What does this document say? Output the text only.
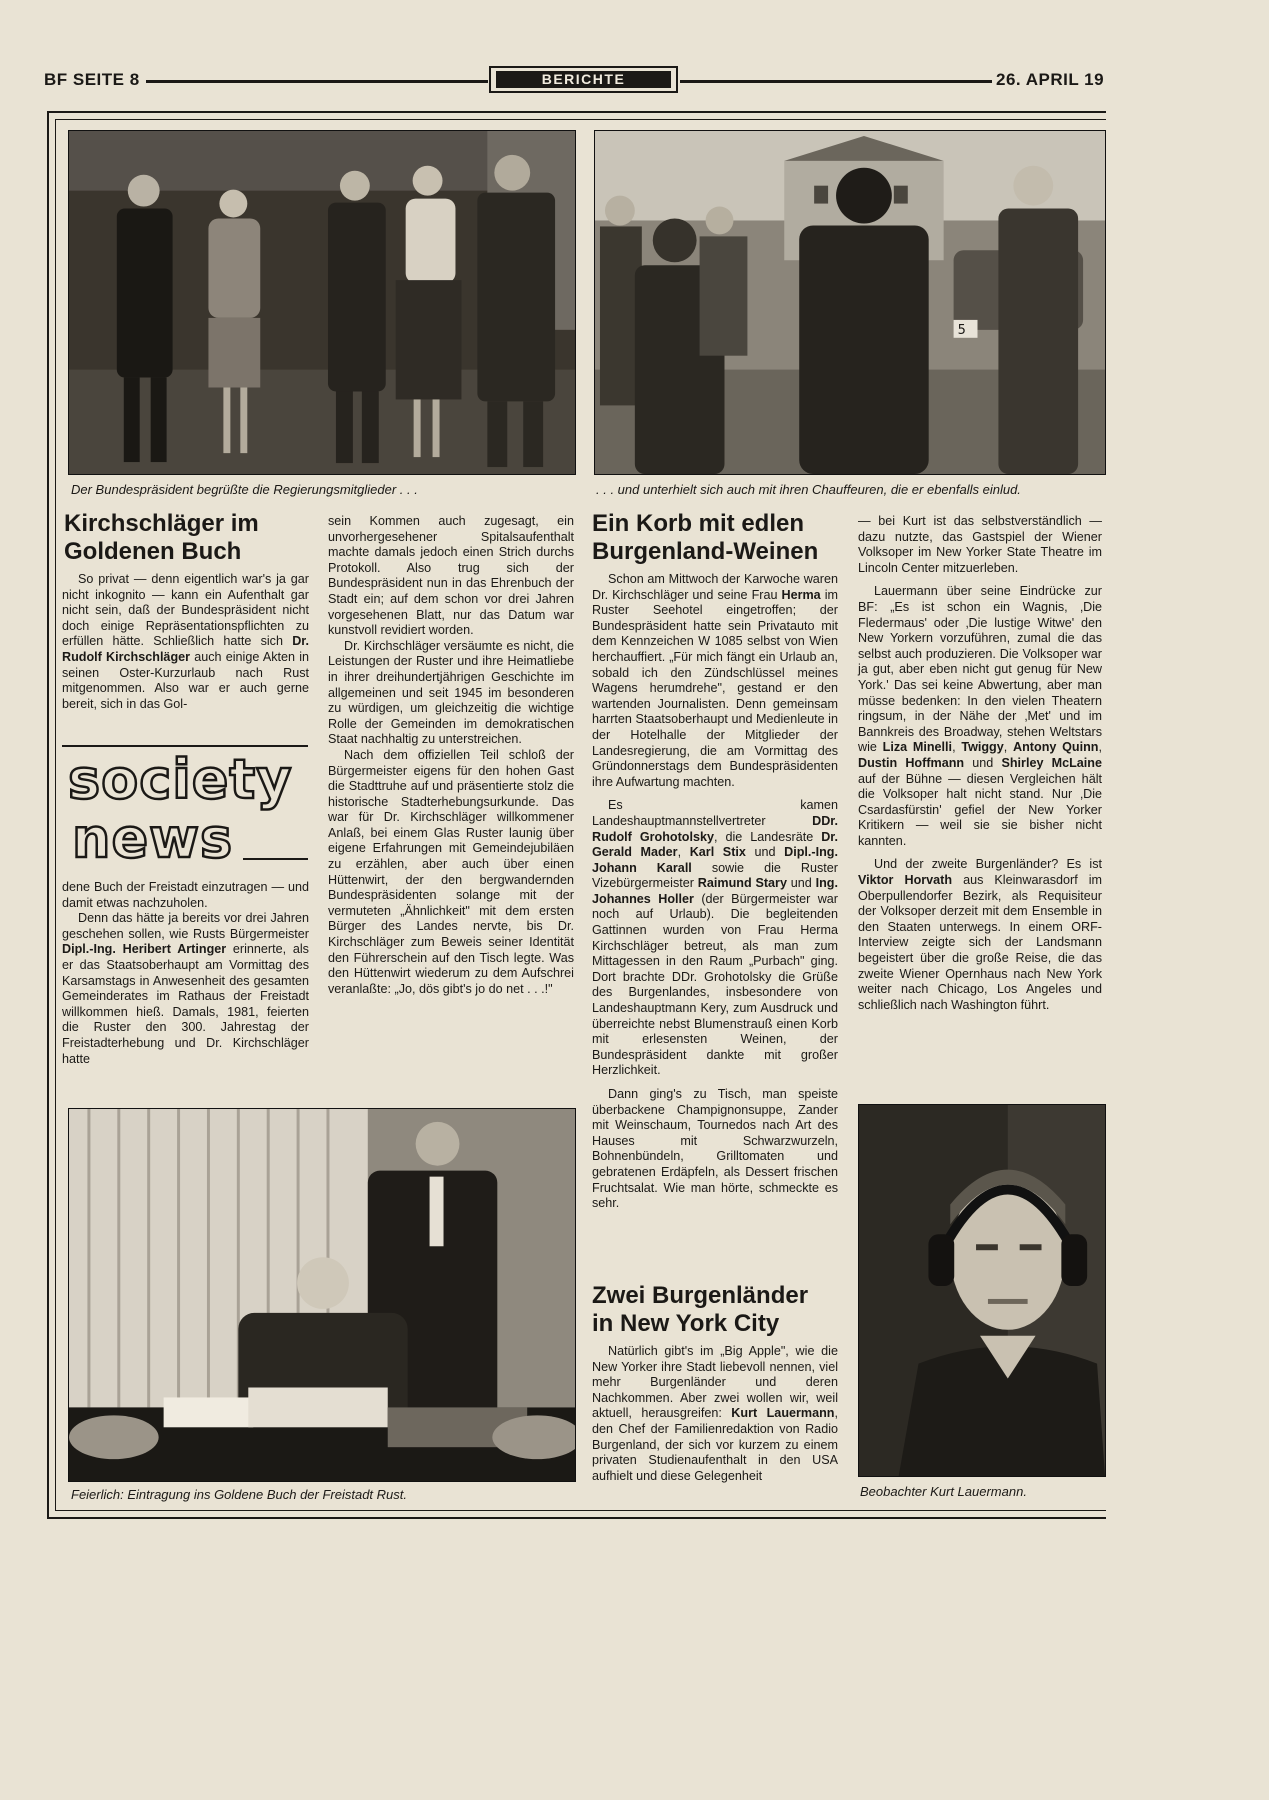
BF SEITE 8	BERICHTE	26. APRIL 19
Der Bundespräsident begrüßte die Regierungsmitglieder . . .
5
. . . und unterhielt sich auch mit ihren Chauffeuren, die er ebenfalls einlud.
Kirchschläger im
Goldenen Buch

So privat — denn eigentlich war's ja gar nicht inkognito — kann ein Aufenthalt gar nicht sein, daß der Bundespräsident nicht doch einige Repräsentationspflichten zu erfüllen hätte. Schließlich hatte sich Dr. Rudolf Kirchschläger auch einige Akten in seinen Oster-Kurzurlaub nach Rust mitgenommen. Also war er auch gerne bereit, sich in das Gol-

society
news

dene Buch der Freistadt einzutragen — und damit etwas nachzuholen.

Denn das hätte ja bereits vor drei Jahren geschehen sollen, wie Rusts Bürgermeister Dipl.-Ing. Heribert Artinger erinnerte, als er das Staatsoberhaupt am Vormittag des Karsamstags in Anwesenheit des gesamten Gemeinderates im Rathaus der Freistadt willkommen hieß. Damals, 1981, feierten die Ruster den 300. Jahrestag der Freistadterhebung und Dr. Kirchschläger hatte

sein Kommen auch zugesagt, ein unvorhergesehener Spitalsaufenthalt machte damals jedoch einen Strich durchs Protokoll. Also trug sich der Bundespräsident nun in das Ehrenbuch der Stadt ein; auf dem schon vor drei Jahren vorgesehenen Blatt, nur das Datum war kunstvoll revidiert worden.

Dr. Kirchschläger versäumte es nicht, die Leistungen der Ruster und ihre Heimatliebe in ihrer dreihundertjährigen Geschichte im allgemeinen und seit 1945 im besonderen zu würdigen, um gleichzeitig die wichtige Rolle der Gemeinden im demokratischen Staat nachhaltig zu unterstreichen.

Nach dem offiziellen Teil schloß der Bürgermeister eigens für den hohen Gast die Stadttruhe auf und präsentierte stolz die historische Stadterhebungsurkunde. Das war für Dr. Kirchschläger willkommener Anlaß, bei einem Glas Ruster launig über eigene Erfahrungen mit Gemeindejubiläen zu erzählen, aber auch über einen Hüttenwirt, der den bergwandernden Bundespräsidenten solange mit der vermuteten „Ähnlichkeit" mit dem ersten Bürger des Landes nervte, bis Dr. Kirchschläger zum Beweis seiner Identität den Führerschein auf den Tisch legte. Was den Hüttenwirt wiederum zu dem Aufschrei veranlaßte: „Jo, dös gibt's jo do net . . .!"

Ein Korb mit edlen
Burgenland-Weinen

Schon am Mittwoch der Karwoche waren Dr. Kirchschläger und seine Frau Herma im Ruster Seehotel eingetroffen; der Bundespräsident hatte sein Privatauto mit dem Kennzeichen W 1085 selbst von Wien herchauffiert. „Für mich fängt ein Urlaub an, sobald ich den Zündschlüssel meines Wagens herumdrehe", gestand er den wartenden Journalisten. Denn gemeinsam harrten Staatsoberhaupt und Medienleute in der Hotelhalle der Mitglieder der Landesregierung, die am Vormittag des Gründonnerstags dem Bundespräsidenten ihre Aufwartung machten.

Es kamen Landeshauptmannstellvertreter DDr. Rudolf Grohotolsky, die Landesräte Dr. Gerald Mader, Karl Stix und Dipl.-Ing. Johann Karall sowie die Ruster Vizebürgermeister Raimund Stary und Ing. Johannes Holler (der Bürgermeister war noch auf Urlaub). Die begleitenden Gattinnen wurden von Frau Herma Kirchschläger betreut, als man zum Mittagessen in den Raum „Purbach" ging. Dort brachte DDr. Grohotolsky die Grüße des Burgenlandes, insbesondere von Landeshauptmann Kery, zum Ausdruck und überreichte nebst Blumenstrauß einen Korb mit erlesensten Weinen, der Bundespräsident dankte mit großer Herzlichkeit.

Dann ging's zu Tisch, man speiste überbackene Champignonsuppe, Zander mit Weinschaum, Tournedos nach Art des Hauses mit Schwarzwurzeln, Bohnenbündeln, Grilltomaten und gebratenen Erdäpfeln, als Dessert frischen Fruchtsalat. Wie man hörte, schmeckte es sehr.

— bei Kurt ist das selbstverständlich — dazu nutzte, das Gastspiel der Wiener Volksoper im New Yorker State Theatre im Lincoln Center mitzuerleben.

Lauermann über seine Eindrücke zur BF: „Es ist schon ein Wagnis, ‚Die Fledermaus' oder ‚Die lustige Witwe' den New Yorkern vorzuführen, zumal die das selbst auch produzieren. Die Volksoper war ja gut, aber eben nicht gut genug für New York.' Das sei keine Abwertung, aber man müsse bedenken: In den vielen Theatern ringsum, in der Nähe der ‚Met' und im Bannkreis des Broadway, stehen Weltstars wie Liza Minelli, Twiggy, Antony Quinn, Dustin Hoffmann und Shirley McLaine auf der Bühne — diesen Vergleichen hält die Volksoper halt nicht stand. Nur ‚Die Csardasfürstin' gefiel der New Yorker Kritikern — weil sie sie bisher nicht kannten.

Und der zweite Burgenländer? Es ist Viktor Horvath aus Kleinwarasdorf im Oberpullendorfer Bezirk, als Requisiteur der Volksoper derzeit mit dem Ensemble in den Staaten unterwegs. In einem ORF-Interview zeigte sich der Landsmann begeistert über die große Reise, die das zweite Wiener Opernhaus nach New York weiter nach Chicago, Los Angeles und schließlich nach Washington führt.

Feierlich: Eintragung ins Goldene Buch der Freistadt Rust.
Zwei Burgenländer
in New York City

Natürlich gibt's im „Big Apple", wie die New Yorker ihre Stadt liebevoll nennen, viel mehr Burgenländer und deren Nachkommen. Aber zwei wollen wir, weil aktuell, herausgreifen: Kurt Lauermann, den Chef der Familienredaktion von Radio Burgenland, der sich vor kurzem zu einem privaten Studienaufenthalt in den USA aufhielt und diese Gelegenheit

Beobachter Kurt Lauermann.
